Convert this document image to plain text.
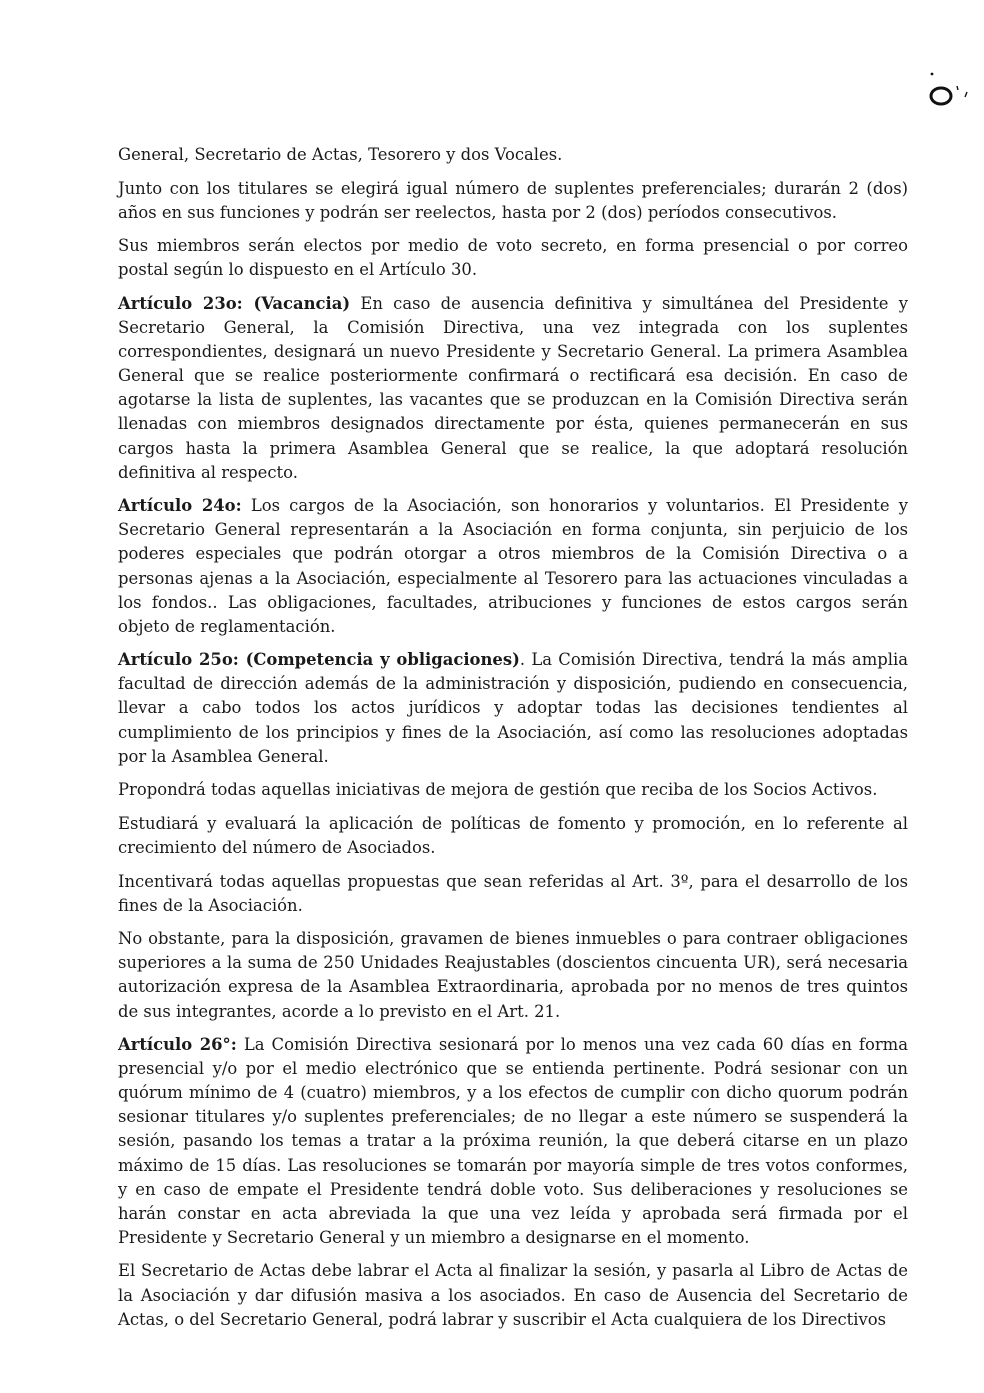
General, Secretario de Actas, Tesorero y dos Vocales.

Junto con los titulares se elegirá igual número de suplentes preferenciales; durarán 2 (dos) años en sus funciones y podrán ser reelectos, hasta por 2 (dos) períodos consecutivos.

Sus miembros serán electos por medio de voto secreto, en forma presencial o por correo postal según lo dispuesto en el Artículo 30.

Artículo 23o: (Vacancia) En caso de ausencia definitiva y simultánea del Presidente y Secretario General, la Comisión Directiva, una vez integrada con los suplentes correspondientes, designará un nuevo Presidente y Secretario General. La primera Asamblea General que se realice posteriormente confirmará o rectificará esa decisión. En caso de agotarse la lista de suplentes, las vacantes que se produzcan en la Comisión Directiva serán llenadas con miembros designados directamente por ésta, quienes permanecerán en sus cargos hasta la primera Asamblea General que se realice, la que adoptará resolución definitiva al respecto.

Artículo 24o: Los cargos de la Asociación, son honorarios y voluntarios. El Presidente y Secretario General representarán a la Asociación en forma conjunta, sin perjuicio de los poderes especiales que podrán otorgar a otros miembros de la Comisión Directiva o a personas ajenas a la Asociación, especialmente al Tesorero para las actuaciones vinculadas a los fondos.. Las obligaciones, facultades, atribuciones y funciones de estos cargos serán objeto de reglamentación.

Artículo 25o: (Competencia y obligaciones). La Comisión Directiva, tendrá la más amplia facultad de dirección además de la administración y disposición, pudiendo en consecuencia, llevar a cabo todos los actos jurídicos y adoptar todas las decisiones tendientes al cumplimiento de los principios y fines de la Asociación, así como las resoluciones adoptadas por la Asamblea General.

Propondrá todas aquellas iniciativas de mejora de gestión que reciba de los Socios Activos.

Estudiará y evaluará la aplicación de políticas de fomento y promoción, en lo referente al crecimiento del número de Asociados.

Incentivará todas aquellas propuestas que sean referidas al Art. 3º, para el desarrollo de los fines de la Asociación.

No obstante, para la disposición, gravamen de bienes inmuebles o para contraer obligaciones superiores a la suma de 250 Unidades Reajustables (doscientos cincuenta UR), será necesaria autorización expresa de la Asamblea Extraordinaria, aprobada por no menos de tres quintos de sus integrantes, acorde a lo previsto en el Art. 21.

Artículo 26°: La Comisión Directiva sesionará por lo menos una vez cada 60 días en forma presencial y/o por el medio electrónico que se entienda pertinente. Podrá sesionar con un quórum mínimo de 4 (cuatro) miembros, y a los efectos de cumplir con dicho quorum podrán sesionar titulares y/o suplentes preferenciales; de no llegar a este número se suspenderá la sesión, pasando los temas a tratar a la próxima reunión, la que deberá citarse en un plazo máximo de 15 días. Las resoluciones se tomarán por mayoría simple de tres votos conformes, y en caso de empate el Presidente tendrá doble voto. Sus deliberaciones y resoluciones se harán constar en acta abreviada la que una vez leída y aprobada será firmada por el Presidente y Secretario General y un miembro a designarse en el momento.

El Secretario de Actas debe labrar el Acta al finalizar la sesión, y pasarla al Libro de Actas de la Asociación y dar difusión masiva a los asociados. En caso de Ausencia del Secretario de Actas, o del Secretario General, podrá labrar y suscribir el Acta cualquiera de los Directivos
